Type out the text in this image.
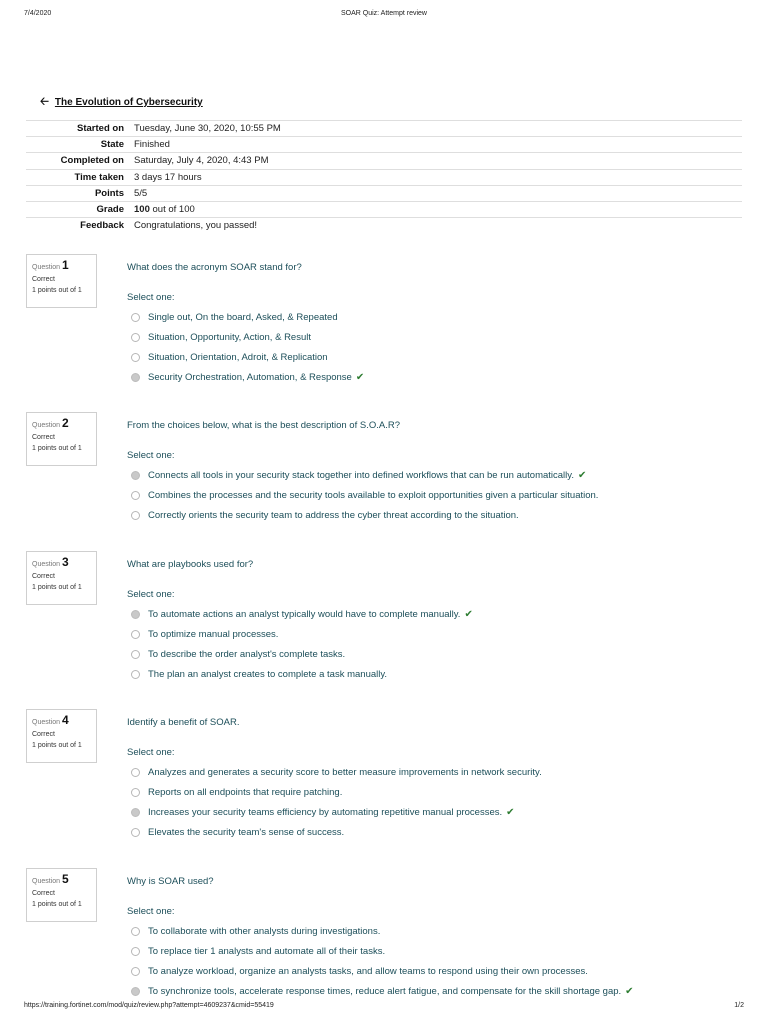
7/4/2020	SOAR Quiz: Attempt review
🡠 The Evolution of Cybersecurity
Started on	Tuesday, June 30, 2020, 10:55 PM
State	Finished
Completed on	Saturday, July 4, 2020, 4:43 PM
Time taken	3 days 17 hours
Points	5/5
Grade	100 out of 100
Feedback	Congratulations, you passed!
Question 1
Correct
1 points out of 1
What does the acronym SOAR stand for?
Select one:
Single out, On the board, Asked, & Repeated
Situation, Opportunity, Action, & Result
Situation, Orientation, Adroit, & Replication
Security Orchestration, Automation, & Response ✔
Question 2
Correct
1 points out of 1
From the choices below, what is the best description of S.O.A.R?
Select one:
Connects all tools in your security stack together into defined workflows that can be run automatically. ✔
Combines the processes and the security tools available to exploit opportunities given a particular situation.
Correctly orients the security team to address the cyber threat according to the situation.
Question 3
Correct
1 points out of 1
What are playbooks used for?
Select one:
To automate actions an analyst typically would have to complete manually. ✔
To optimize manual processes.
To describe the order analyst's complete tasks.
The plan an analyst creates to complete a task manually.
Question 4
Correct
1 points out of 1
Identify a benefit of SOAR.
Select one:
Analyzes and generates a security score to better measure improvements in network security.
Reports on all endpoints that require patching.
Increases your security teams efficiency by automating repetitive manual processes. ✔
Elevates the security team's sense of success.
Question 5
Correct
1 points out of 1
Why is SOAR used?
Select one:
To collaborate with other analysts during investigations.
To replace tier 1 analysts and automate all of their tasks.
To analyze workload, organize an analysts tasks, and allow teams to respond using their own processes.
To synchronize tools, accelerate response times, reduce alert fatigue, and compensate for the skill shortage gap. ✔
https://training.fortinet.com/mod/quiz/review.php?attempt=4609237&cmid=55419	1/2
